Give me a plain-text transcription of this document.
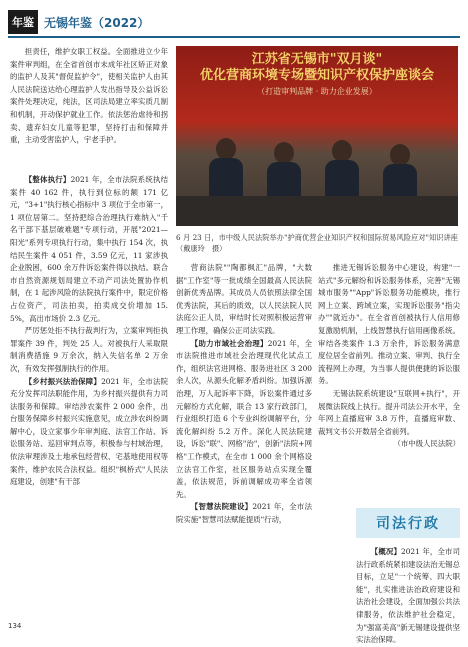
年鉴 无锡年鉴（2022）

担责任，维护女职工权益。全面推进立少年案件审判组，在全省首创市未成年社区矫正对象的监护人及其"督促监护令"，使相关监护人由其人民法院送达给心理监护人发出指导及公益诉讼案件处理决定，纯法，区司法局建立率实质几制和机制，开动保护就业工作。依法惩治虐待和拐卖、遗弃妇女儿童等犯罪，坚持打击和保障并重，主动受害监护人，宇老手护。

江苏省无锡市"双月谈"
优化营商环境专场暨知识产权保护座谈会
（打造审判品牌 · 助力企业发展）
6 月 23 日，市中级人民法院举办"护商优营企业知识产权和国际贸易风险应对"知识讲座　（戴康玲　摄）

【整体执行】2021 年，全市法院系统执结案件 40 162 件，执行到位标的额 171 亿元，"3+1"执行核心指标中 3 项位于全市第一，1 项位居第二。坚持把综合治理执行难纳入"千名干部下基层破难题"专项行动，开展"2021—阳光"系列专项执行行动，集中执行 154 次，执结民生案件 4 051 件，3.59 亿元，11 家涉执企业脱困，600 余万件诉讼案件得以执结。联合市自然资源规划局建立不动产司法处置协作机制，在 1 起涉风险的法院执行案件中，限定价格占位资产，司法拍卖，拍卖成交价增加 15.5%，高出市场价 2.3 亿元。

严厉惩处拒不执行裁判行为，立案审判拒执罪案件 39 件，判处 25 人。对被执行人采取限制消费措施 9 万余次，纳入失信名单 2 万余次，有效发挥强制执行的作用。

【乡村振兴法治保障】2021 年，全市法院充分发挥司法职能作用，为乡村振兴提供有力司法服务和保障。审结涉农案件 2 000 余件，出台服务保障乡村振兴实施意见，成立涉农纠纷调解中心，设立家事少年审判庭、法官工作站、诉讼服务站、巡回审判点等，积极参与村域治理，依法审理涉及土地承包经营权、宅基地使用权等案件，维护农民合法权益。组织"枫桥式"人民法庭建设，创建"有干部

营商法院""陶都枫汇"品牌，"大数据"工作室"等一批成绩全国最高人民法院创新优秀品牌。其成员人员依照法律全国优秀法院，其后的质效，以人民法院人民法庭公正人员，审结时长对照积极运营审理工作理，确保公正司法实践。

【助力市域社会治理】2021 年，全市法院推进市域社会治理现代化试点工作，组织法官进网格、服务进社区 3 200 余人次，从源头化解矛盾纠纷。加强诉源治理，万人起诉率下降，诉讼案件通过多元解纷方式化解，联合 13 家行政部门，行业组织打造 6 个专业纠纷调解平台，分流化解纠纷 5.2 万件。深化人民法院建设，诉讼"联"、网格"治"，创新"法院+网格"工作模式，在全市 1 000 余个网格设立法官工作室，社区服务站点实现全覆盖，依法规范，诉前调解成功率全省领先。

【智慧法院建设】2021 年，全市法院实施"智慧司法赋能提质"行动，

推进无锡诉讼服务中心建设，构建"一站式"多元解纷和诉讼服务体系，完善"无锡城市服务""App"诉讼服务功能模块，推行网上立案、跨域立案，实现诉讼服务"指尖办""就近办"。在全省首创被执行人信用修复激励机制，上线智慧执行信用画像系统。审结各类案件 1.3 万余件，诉讼服务满意度位居全省前列。推动立案、审判、执行全流程网上办理，为当事人提供便捷的诉讼服务。

无锡法院系统建设"互联网+执行"，开展微法院线上执行。提升司法公开水平，全年网上直播庭审 3.8 万件，直播庭审数、裁判文书公开数居全省前列。

（市中级人民法院）

司法行政

【概况】2021 年，全市司法行政系统紧扣建设法治无锡总目标，立足"一个统筹、四大职能"，扎实推进法治政府建设和法治社会建设，全面加强公共法律服务，依法维护社会稳定，为"强富美高"新无锡建设提供坚实法治保障。

134
